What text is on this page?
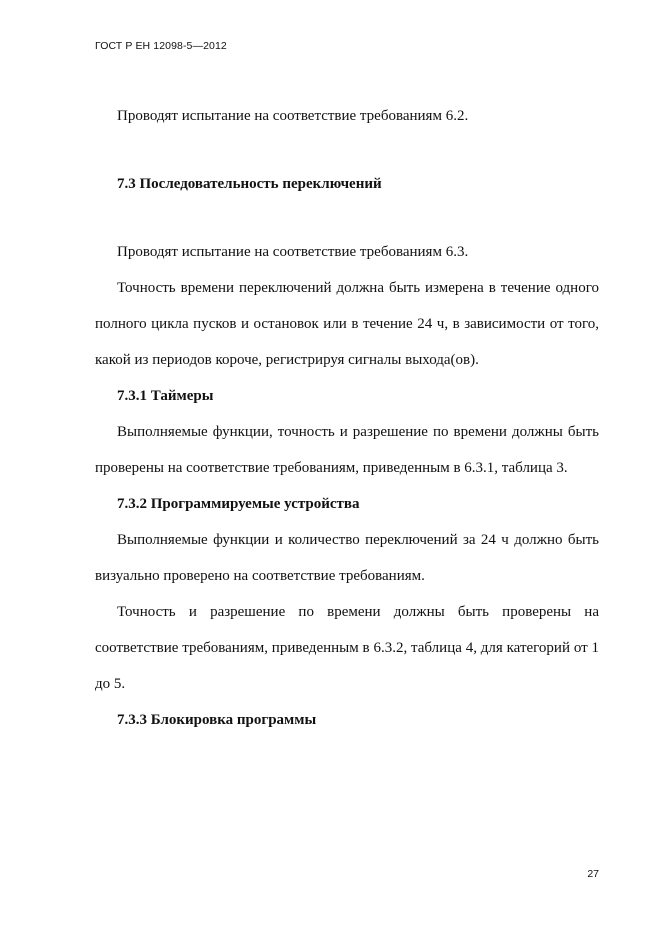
ГОСТ Р ЕН 12098-5—2012

Проводят испытание на соответствие требованиям 6.2.

7.3 Последовательность переключений

Проводят испытание на соответствие требованиям 6.3.

Точность времени переключений должна быть измерена в течение одного полного цикла пусков и остановок или в течение 24 ч, в зависимости от того, какой из периодов короче, регистрируя сигналы выхода(ов).

7.3.1 Таймеры

Выполняемые функции, точность и разрешение по времени должны быть проверены на соответствие требованиям, приведенным в 6.3.1, таблица 3.

7.3.2 Программируемые устройства

Выполняемые функции и количество переключений за 24 ч должно быть визуально проверено на соответствие требованиям.

Точность и разрешение по времени должны быть проверены на соответствие требованиям, приведенным в 6.3.2, таблица 4, для категорий от 1 до 5.

7.3.3 Блокировка программы

27
